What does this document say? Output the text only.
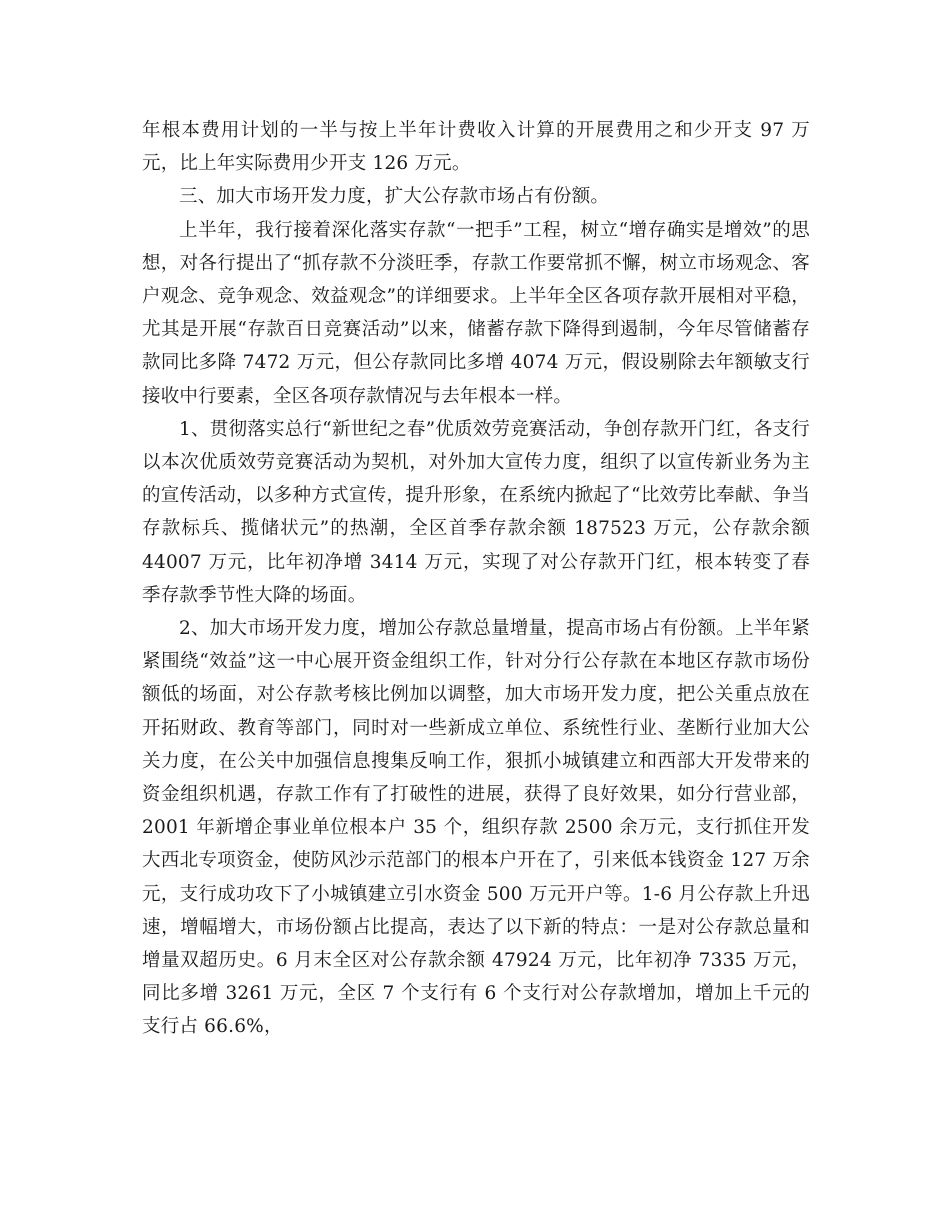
年根本费用计划的一半与按上半年计费收入计算的开展费用之和少开支 97 万元，比上年实际费用少开支 126 万元。

三、加大市场开发力度，扩大公存款市场占有份额。

上半年，我行接着深化落实存款“一把手”工程，树立“增存确实是增效”的思想，对各行提出了“抓存款不分淡旺季，存款工作要常抓不懈，树立市场观念、客户观念、竞争观念、效益观念”的详细要求。上半年全区各项存款开展相对平稳，尤其是开展“存款百日竞赛活动”以来，储蓄存款下降得到遏制，今年尽管储蓄存款同比多降 7472 万元，但公存款同比多增 4074 万元，假设剔除去年额敏支行接收中行要素，全区各项存款情况与去年根本一样。

1、贯彻落实总行“新世纪之春”优质效劳竞赛活动，争创存款开门红，各支行以本次优质效劳竞赛活动为契机，对外加大宣传力度，组织了以宣传新业务为主的宣传活动，以多种方式宣传，提升形象，在系统内掀起了“比效劳比奉献、争当存款标兵、揽储状元”的热潮，全区首季存款余额 187523 万元，公存款余额 44007 万元，比年初净增 3414 万元，实现了对公存款开门红，根本转变了春季存款季节性大降的场面。

2、加大市场开发力度，增加公存款总量增量，提高市场占有份额。上半年紧紧围绕“效益”这一中心展开资金组织工作，针对分行公存款在本地区存款市场份额低的场面，对公存款考核比例加以调整，加大市场开发力度，把公关重点放在开拓财政、教育等部门，同时对一些新成立单位、系统性行业、垄断行业加大公关力度，在公关中加强信息搜集反响工作，狠抓小城镇建立和西部大开发带来的资金组织机遇，存款工作有了打破性的进展，获得了良好效果，如分行营业部，2001 年新增企事业单位根本户 35 个，组织存款 2500 余万元，支行抓住开发大西北专项资金，使防风沙示范部门的根本户开在了，引来低本钱资金 127 万余元，支行成功攻下了小城镇建立引水资金 500 万元开户等。1-6 月公存款上升迅速，增幅增大，市场份额占比提高，表达了以下新的特点：一是对公存款总量和增量双超历史。6 月末全区对公存款余额 47924 万元，比年初净 7335 万元，同比多增 3261 万元，全区 7 个支行有 6 个支行对公存款增加，增加上千元的支行占 66.6%，
